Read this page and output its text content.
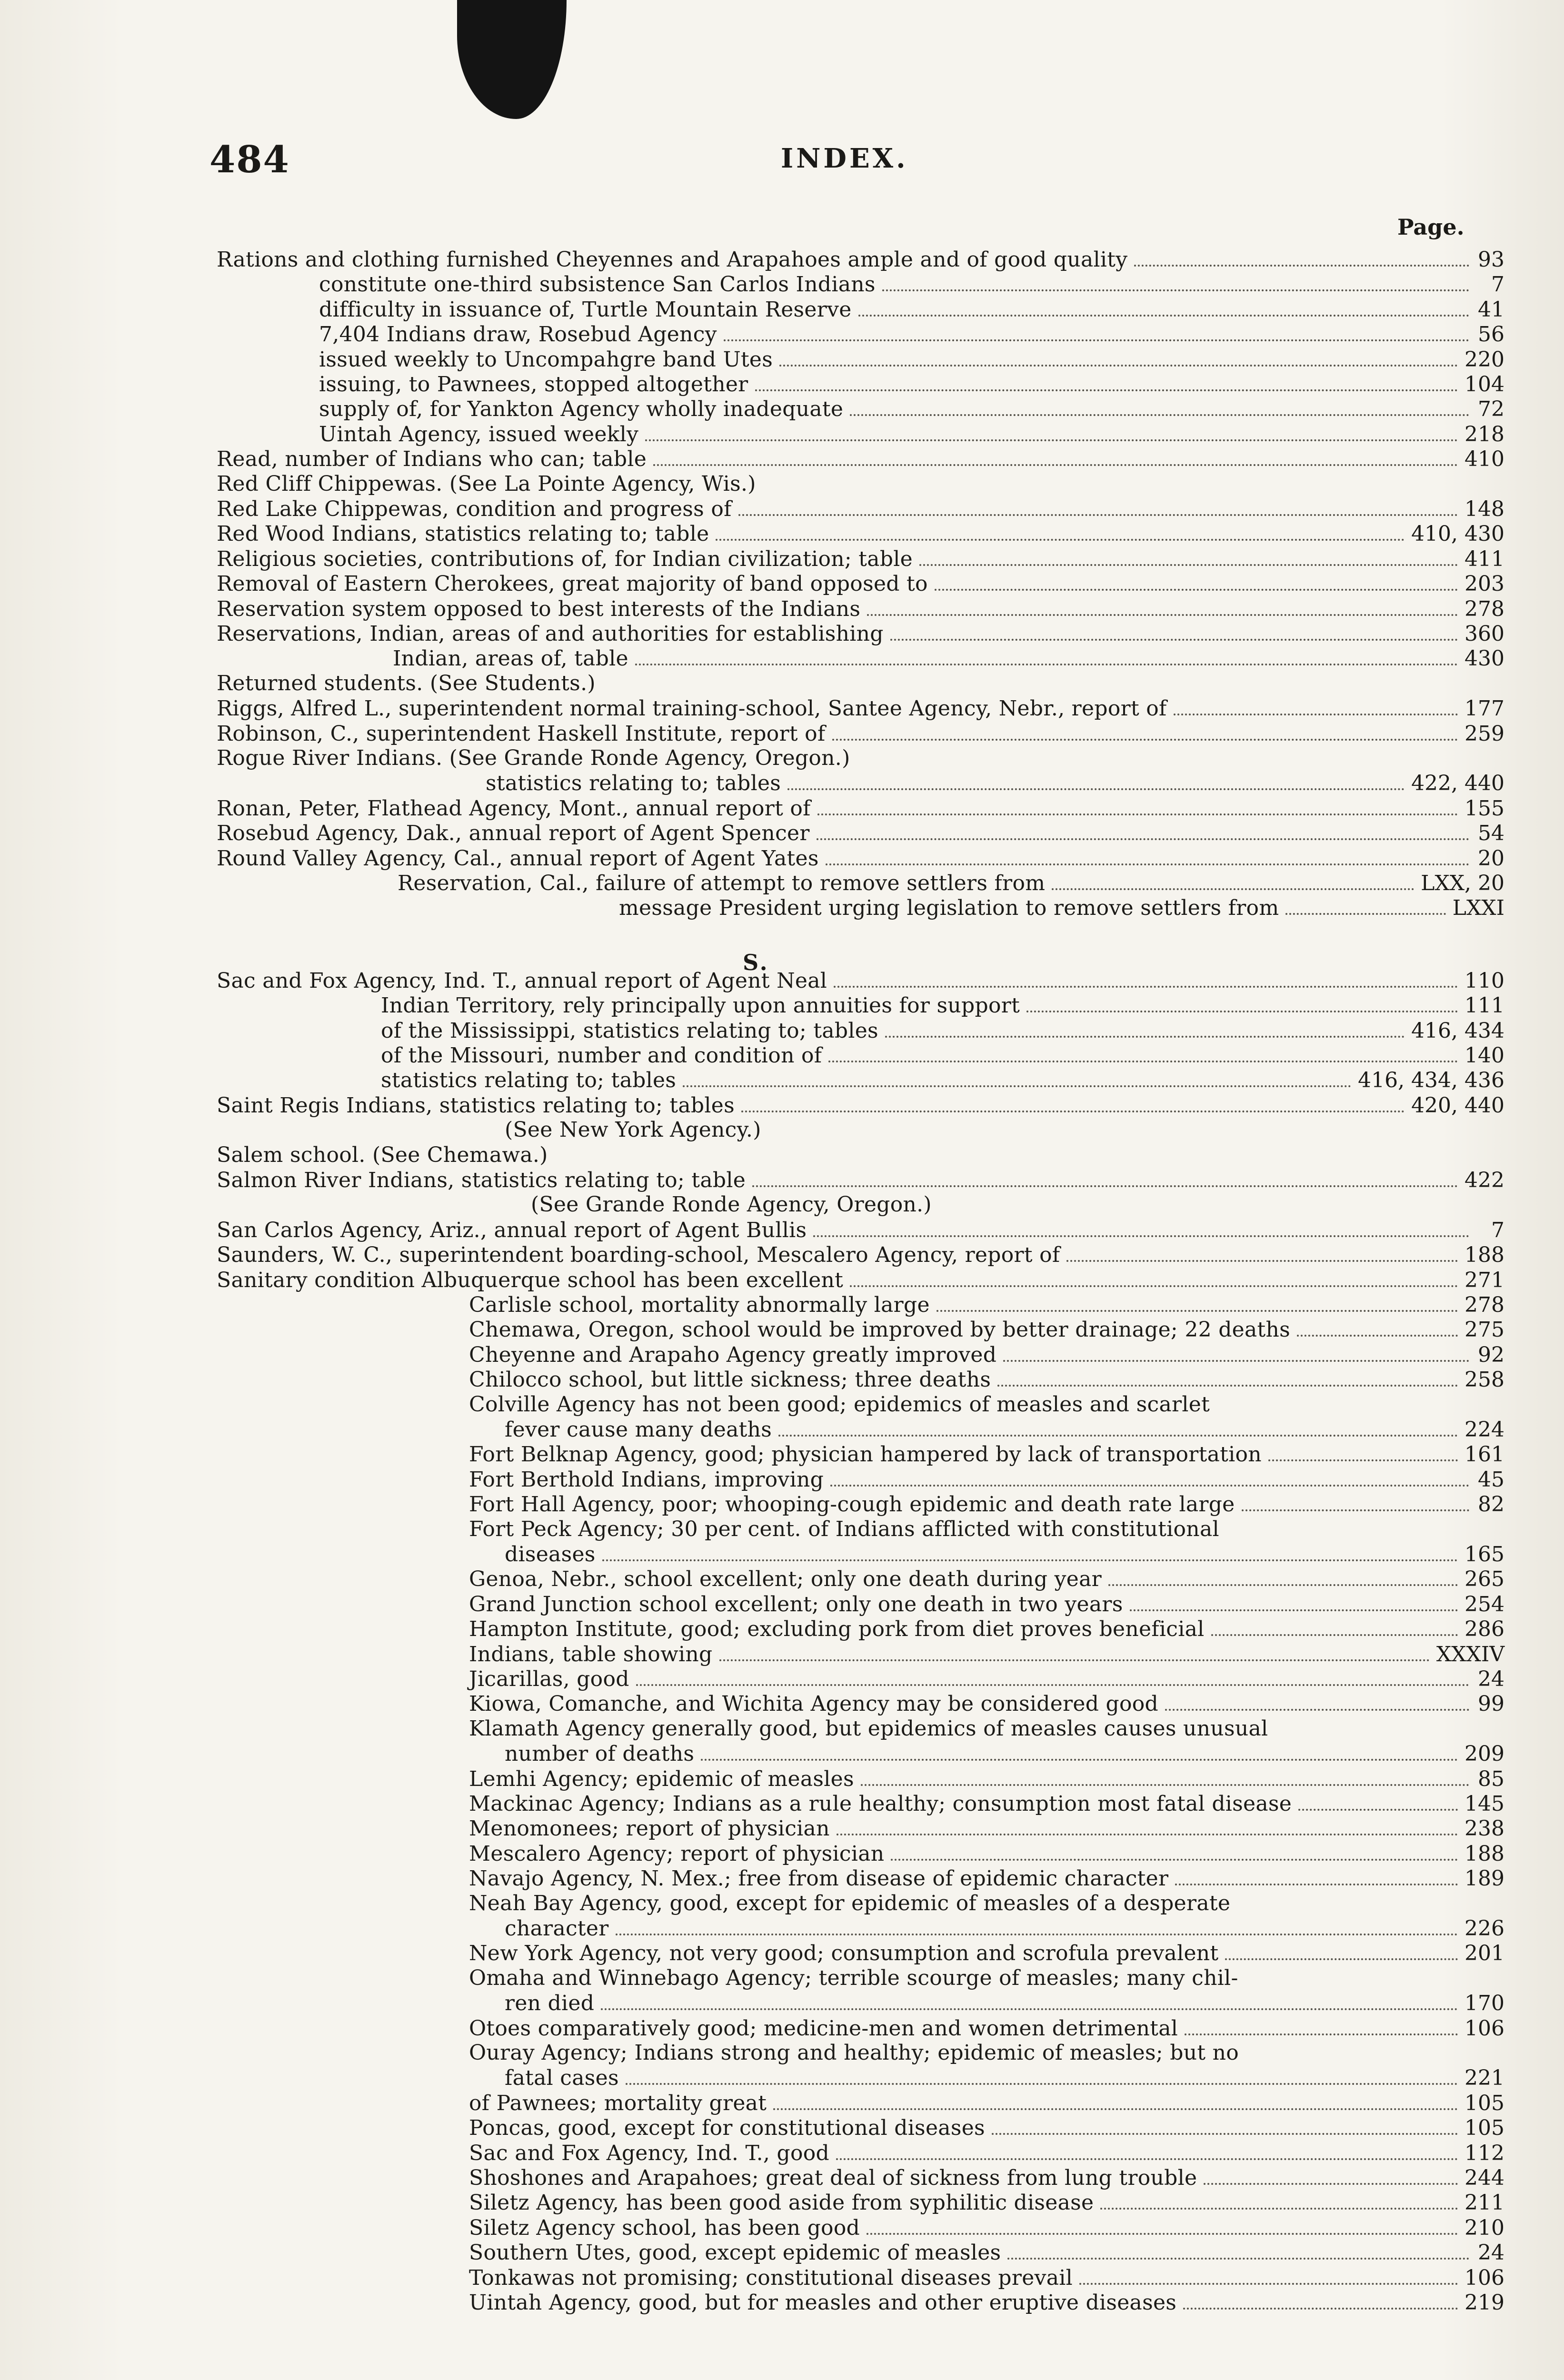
484	INDEX.
Page.
S.
Rations and clothing furnished Cheyennes and Arapahoes ample and of good quality	93
constitute one-third subsistence San Carlos Indians	7
difficulty in issuance of, Turtle Mountain Reserve	41
7,404 Indians draw, Rosebud Agency	56
issued weekly to Uncompahgre band Utes	220
issuing, to Pawnees, stopped altogether	104
supply of, for Yankton Agency wholly inadequate	72
Uintah Agency, issued weekly	218
Read, number of Indians who can; table	410
Red Cliff Chippewas. (See La Pointe Agency, Wis.)
Red Lake Chippewas, condition and progress of	148
Red Wood Indians, statistics relating to; table	410, 430
Religious societies, contributions of, for Indian civilization; table	411
Removal of Eastern Cherokees, great majority of band opposed to	203
Reservation system opposed to best interests of the Indians	278
Reservations, Indian, areas of and authorities for establishing	360
Indian, areas of, table	430
Returned students. (See Students.)
Riggs, Alfred L., superintendent normal training-school, Santee Agency, Nebr., report of	177
Robinson, C., superintendent Haskell Institute, report of	259
Rogue River Indians. (See Grande Ronde Agency, Oregon.)
statistics relating to; tables	422, 440
Ronan, Peter, Flathead Agency, Mont., annual report of	155
Rosebud Agency, Dak., annual report of Agent Spencer	54
Round Valley Agency, Cal., annual report of Agent Yates	20
Reservation, Cal., failure of attempt to remove settlers from	LXX, 20
message President urging legislation to remove settlers from	LXXI
Sac and Fox Agency, Ind. T., annual report of Agent Neal	110
Indian Territory, rely principally upon annuities for support	111
of the Mississippi, statistics relating to; tables	416, 434
of the Missouri, number and condition of	140
statistics relating to; tables	416, 434, 436
Saint Regis Indians, statistics relating to; tables	420, 440
(See New York Agency.)
Salem school. (See Chemawa.)
Salmon River Indians, statistics relating to; table	422
(See Grande Ronde Agency, Oregon.)
San Carlos Agency, Ariz., annual report of Agent Bullis	7
Saunders, W. C., superintendent boarding-school, Mescalero Agency, report of	188
Sanitary condition Albuquerque school has been excellent	271
Carlisle school, mortality abnormally large	278
Chemawa, Oregon, school would be improved by better drainage; 22 deaths	275
Cheyenne and Arapaho Agency greatly improved	92
Chilocco school, but little sickness; three deaths	258
Colville Agency has not been good; epidemics of measles and scarlet
fever cause many deaths	224
Fort Belknap Agency, good; physician hampered by lack of transportation	161
Fort Berthold Indians, improving	45
Fort Hall Agency, poor; whooping-cough epidemic and death rate large	82
Fort Peck Agency; 30 per cent. of Indians afflicted with constitutional
diseases	165
Genoa, Nebr., school excellent; only one death during year	265
Grand Junction school excellent; only one death in two years	254
Hampton Institute, good; excluding pork from diet proves beneficial	286
Indians, table showing	XXXIV
Jicarillas, good	24
Kiowa, Comanche, and Wichita Agency may be considered good	99
Klamath Agency generally good, but epidemics of measles causes unusual
number of deaths	209
Lemhi Agency; epidemic of measles	85
Mackinac Agency; Indians as a rule healthy; consumption most fatal disease	145
Menomonees; report of physician	238
Mescalero Agency; report of physician	188
Navajo Agency, N. Mex.; free from disease of epidemic character	189
Neah Bay Agency, good, except for epidemic of measles of a desperate
character	226
New York Agency, not very good; consumption and scrofula prevalent	201
Omaha and Winnebago Agency; terrible scourge of measles; many chil-
ren died	170
Otoes comparatively good; medicine-men and women detrimental	106
Ouray Agency; Indians strong and healthy; epidemic of measles; but no
fatal cases	221
of Pawnees; mortality great	105
Poncas, good, except for constitutional diseases	105
Sac and Fox Agency, Ind. T., good	112
Shoshones and Arapahoes; great deal of sickness from lung trouble	244
Siletz Agency, has been good aside from syphilitic disease	211
Siletz Agency school, has been good	210
Southern Utes, good, except epidemic of measles	24
Tonkawas not promising; constitutional diseases prevail	106
Uintah Agency, good, but for measles and other eruptive diseases	219
